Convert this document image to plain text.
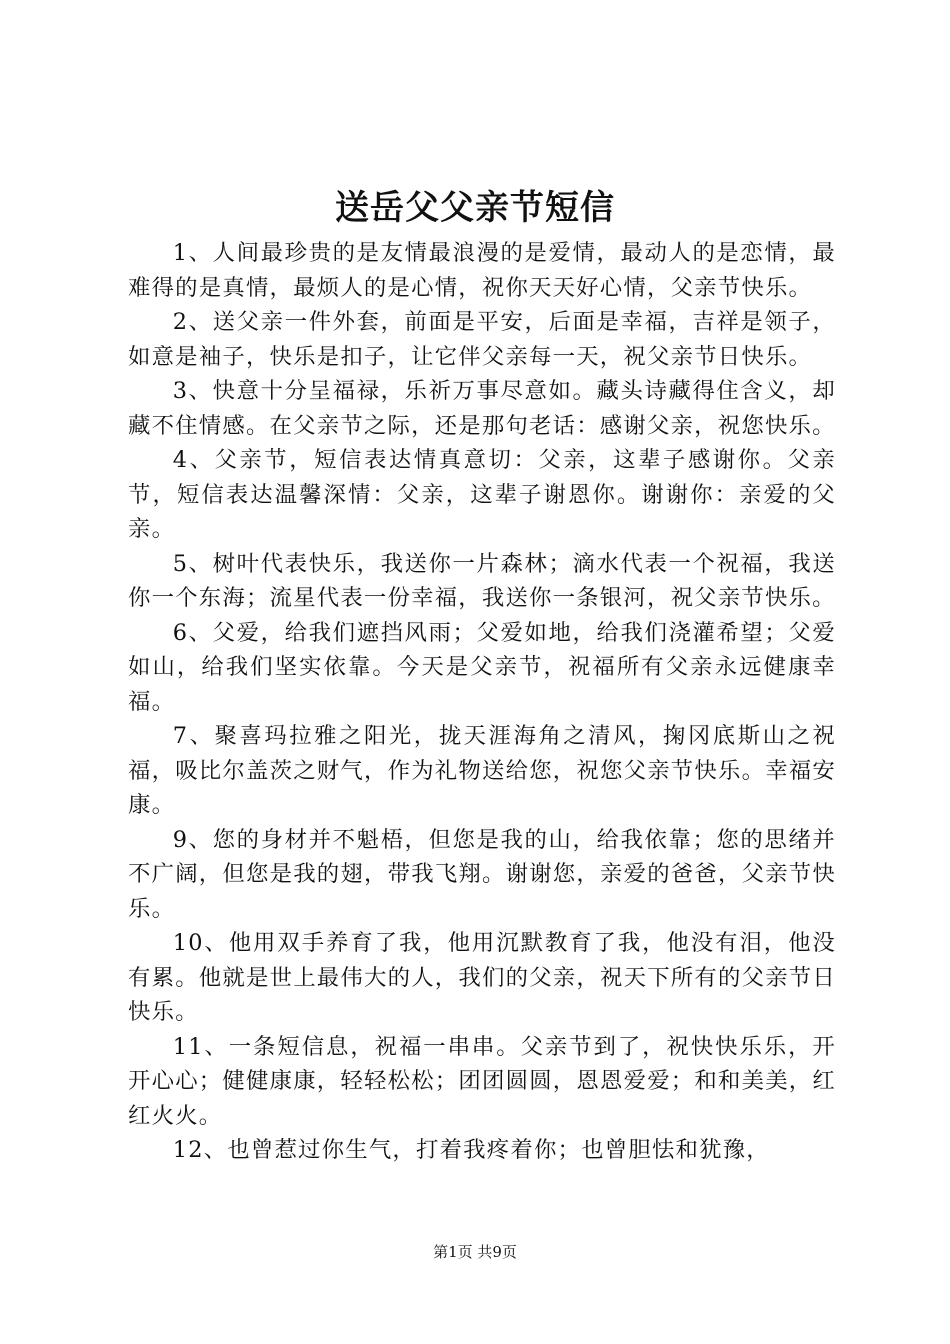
送岳父父亲节短信

1、人间最珍贵的是友情最浪漫的是爱情，最动人的是恋情，最难得的是真情，最烦人的是心情，祝你天天好心情，父亲节快乐。

2、送父亲一件外套，前面是平安，后面是幸福，吉祥是领子，如意是袖子，快乐是扣子，让它伴父亲每一天，祝父亲节日快乐。

3、快意十分呈福禄，乐祈万事尽意如。藏头诗藏得住含义，却藏不住情感。在父亲节之际，还是那句老话：感谢父亲，祝您快乐。

4、父亲节，短信表达情真意切：父亲，这辈子感谢你。父亲节，短信表达温馨深情：父亲，这辈子谢恩你。谢谢你：亲爱的父亲。

5、树叶代表快乐，我送你一片森林；滴水代表一个祝福，我送你一个东海；流星代表一份幸福，我送你一条银河，祝父亲节快乐。

6、父爱，给我们遮挡风雨；父爱如地，给我们浇灌希望；父爱如山，给我们坚实依靠。今天是父亲节，祝福所有父亲永远健康幸福。

7、聚喜玛拉雅之阳光，拢天涯海角之清风，掬冈底斯山之祝福，吸比尔盖茨之财气，作为礼物送给您，祝您父亲节快乐。幸福安康。

9、您的身材并不魁梧，但您是我的山，给我依靠；您的思绪并不广阔，但您是我的翅，带我飞翔。谢谢您，亲爱的爸爸，父亲节快乐。

10、他用双手养育了我，他用沉默教育了我，他没有泪，他没有累。他就是世上最伟大的人，我们的父亲，祝天下所有的父亲节日快乐。

11、一条短信息，祝福一串串。父亲节到了，祝快快乐乐，开开心心；健健康康，轻轻松松；团团圆圆，恩恩爱爱；和和美美，红红火火。

12、也曾惹过你生气，打着我疼着你；也曾胆怯和犹豫，

第1页 共9页
